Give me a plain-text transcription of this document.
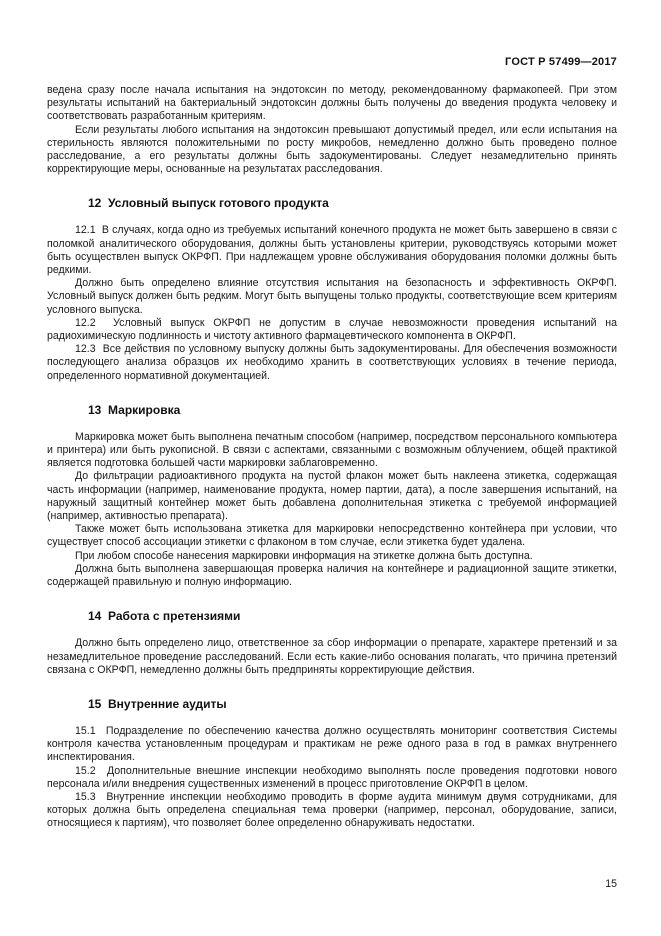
ГОСТ Р 57499—2017

ведена сразу после начала испытания на эндотоксин по методу, рекомендованному фармакопеей. При этом результаты испытаний на бактериальный эндотоксин должны быть получены до введения продукта человеку и соответствовать разработанным критериям.

Если результаты любого испытания на эндотоксин превышают допустимый предел, или если испытания на стерильность являются положительными по росту микробов, немедленно должно быть проведено полное расследование, а его результаты должны быть задокументированы. Следует незамедлительно принять корректирующие меры, основанные на результатах расследования.

12  Условный выпуск готового продукта

12.1  В случаях, когда одно из требуемых испытаний конечного продукта не может быть завершено в связи с поломкой аналитического оборудования, должны быть установлены критерии, руководствуясь которыми может быть осуществлен выпуск ОКРФП. При надлежащем уровне обслуживания оборудования поломки должны быть редкими.

Должно быть определено влияние отсутствия испытания на безопасность и эффективность ОКРФП. Условный выпуск должен быть редким. Могут быть выпущены только продукты, соответствующие всем критериям условного выпуска.

12.2  Условный выпуск ОКРФП не допустим в случае невозможности проведения испытаний на радиохимическую подлинность и чистоту активного фармацевтического компонента в ОКРФП.

12.3  Все действия по условному выпуску должны быть задокументированы. Для обеспечения возможности последующего анализа образцов их необходимо хранить в соответствующих условиях в течение периода, определенного нормативной документацией.

13  Маркировка

Маркировка может быть выполнена печатным способом (например, посредством персонального компьютера и принтера) или быть рукописной. В связи с аспектами, связанными с возможным облучением, общей практикой является подготовка большей части маркировки заблаговременно.

До фильтрации радиоактивного продукта на пустой флакон может быть наклеена этикетка, содержащая часть информации (например, наименование продукта, номер партии, дата), а после завершения испытаний, на наружный защитный контейнер может быть добавлена дополнительная этикетка с требуемой информацией (например, активностью препарата).

Также может быть использована этикетка для маркировки непосредственно контейнера при условии, что существует способ ассоциации этикетки с флаконом в том случае, если этикетка будет удалена.

При любом способе нанесения маркировки информация на этикетке должна быть доступна.

Должна быть выполнена завершающая проверка наличия на контейнере и радиационной защите этикетки, содержащей правильную и полную информацию.

14  Работа с претензиями

Должно быть определено лицо, ответственное за сбор информации о препарате, характере претензий и за незамедлительное проведение расследований. Если есть какие-либо основания полагать, что причина претензий связана с ОКРФП, немедленно должны быть предприняты корректирующие действия.

15  Внутренние аудиты

15.1  Подразделение по обеспечению качества должно осуществлять мониторинг соответствия Системы контроля качества установленным процедурам и практикам не реже одного раза в год в рамках внутреннего инспектирования.

15.2  Дополнительные внешние инспекции необходимо выполнять после проведения подготовки нового персонала и/или внедрения существенных изменений в процесс приготовление ОКРФП в целом.

15.3  Внутренние инспекции необходимо проводить в форме аудита минимум двумя сотрудниками, для которых должна быть определена специальная тема проверки (например, персонал, оборудование, записи, относящиеся к партиям), что позволяет более определенно обнаруживать недостатки.

15
